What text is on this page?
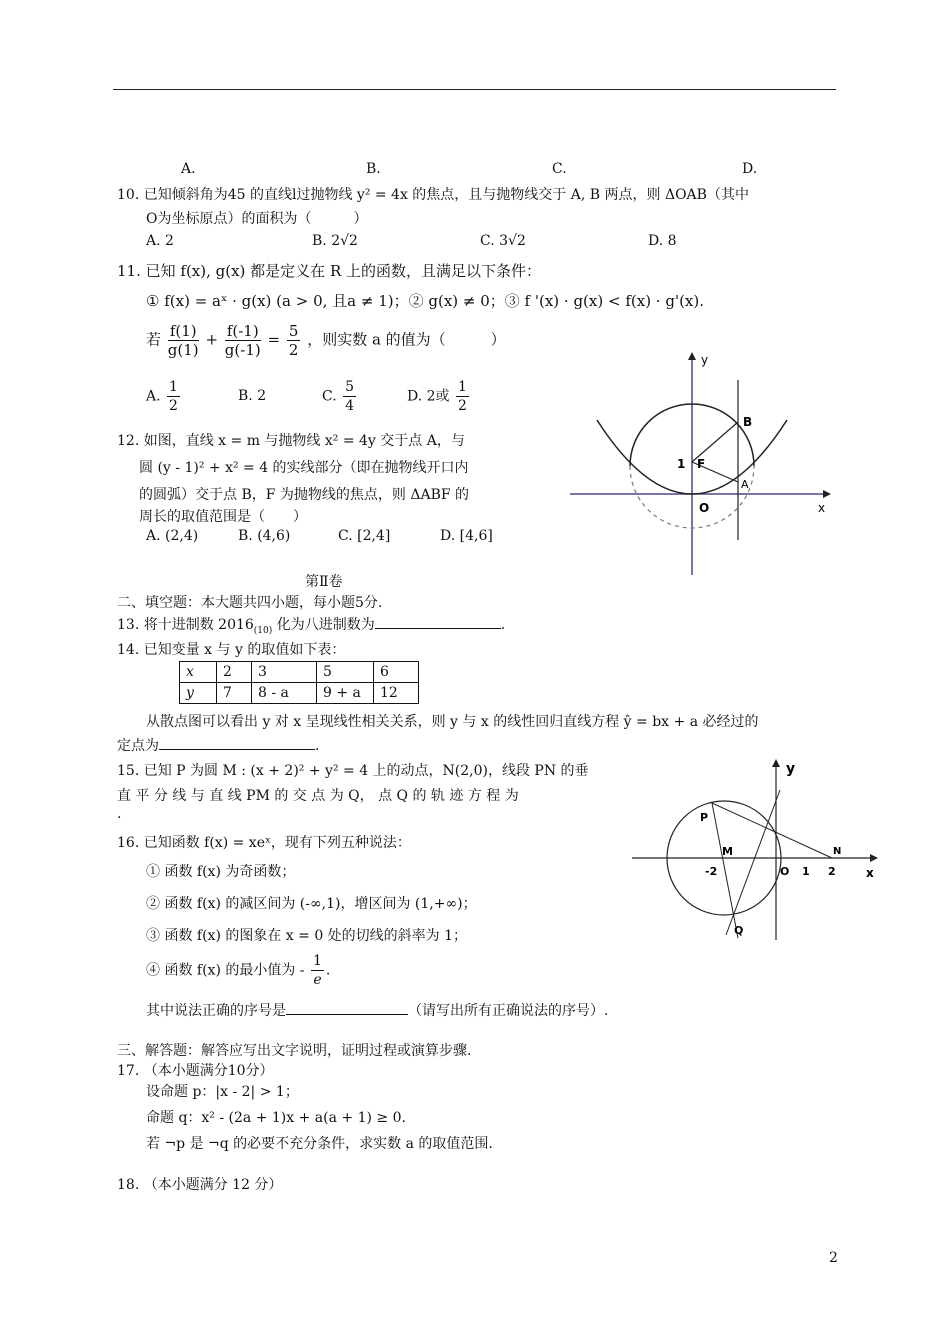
A.	B.	C.	D.
10. 已知倾斜角为45 的直线l过抛物线 y² = 4x 的焦点，且与抛物线交于 A, B 两点，则 ΔOAB（其中
O为坐标原点）的面积为（　　　）
A. 2	B. 2√2	C. 3√2	D. 8
11. 已知 f(x), g(x) 都是定义在 R 上的函数，且满足以下条件：
① f(x) = aˣ · g(x) (a > 0, 且a ≠ 1)；② g(x) ≠ 0；③ f '(x) · g(x) < f(x) · g'(x).
若 $\frac{f(1)}{g(1)} + \frac{f(-1)}{g(-1)} = \frac{5}{2}$ ，则实数 a 的值为（　　　）
A. $\frac{1}{2}$	B. 2	C. $\frac{5}{4}$	D. 2或 $\frac{1}{2}$
12. 如图，直线 x = m 与抛物线 x² = 4y 交于点 A，与
圆 (y - 1)² + x² = 4 的实线部分（即在抛物线开口内
的圆弧）交于点 B，F 为抛物线的焦点，则 ΔABF 的
周长的取值范围是（　　）
A. (2,4)	B. (4,6)	C. [2,4]	D. [4,6]
y
x
B
1 F
A
O
第Ⅱ卷
二、填空题：本大题共四小题，每小题5分.
13. 将十进制数 $2016_{(10)}$ 化为八进制数为	.
14. 已知变量 x 与 y 的取值如下表：
x	2	3	5	6
y	7	8 - a	9 + a	12
从散点图可以看出 y 对 x 呈现线性相关关系，则 y 与 x 的线性回归直线方程 ŷ = bx + a 必经过的
定点为	.
15. 已知 P 为圆 M : (x + 2)² + y² = 4 上的动点，N(2,0)，线段 PN 的垂
直 平 分 线 与 直 线 PM 的 交 点 为 Q， 点 Q 的 轨 迹 方 程 为
.
y
x
P
M
-2	O 1 2
N
Q
16. 已知函数 f(x) = xeˣ，现有下列五种说法：
① 函数 f(x) 为奇函数；
② 函数 f(x) 的减区间为 (-∞,1)，增区间为 (1,+∞)；
③ 函数 f(x) 的图象在 x = 0 处的切线的斜率为 1；
④ 函数 f(x) 的最小值为 - $\frac{1}{e}$ .
其中说法正确的序号是	（请写出所有正确说法的序号）.
三、解答题：解答应写出文字说明，证明过程或演算步骤.
17. （本小题满分10分）
设命题 p：|x - 2| > 1；
命题 q：x² - (2a + 1)x + a(a + 1) ≥ 0.
若 ¬p 是 ¬q 的必要不充分条件，求实数 a 的取值范围.
18. （本小题满分 12 分）
2
